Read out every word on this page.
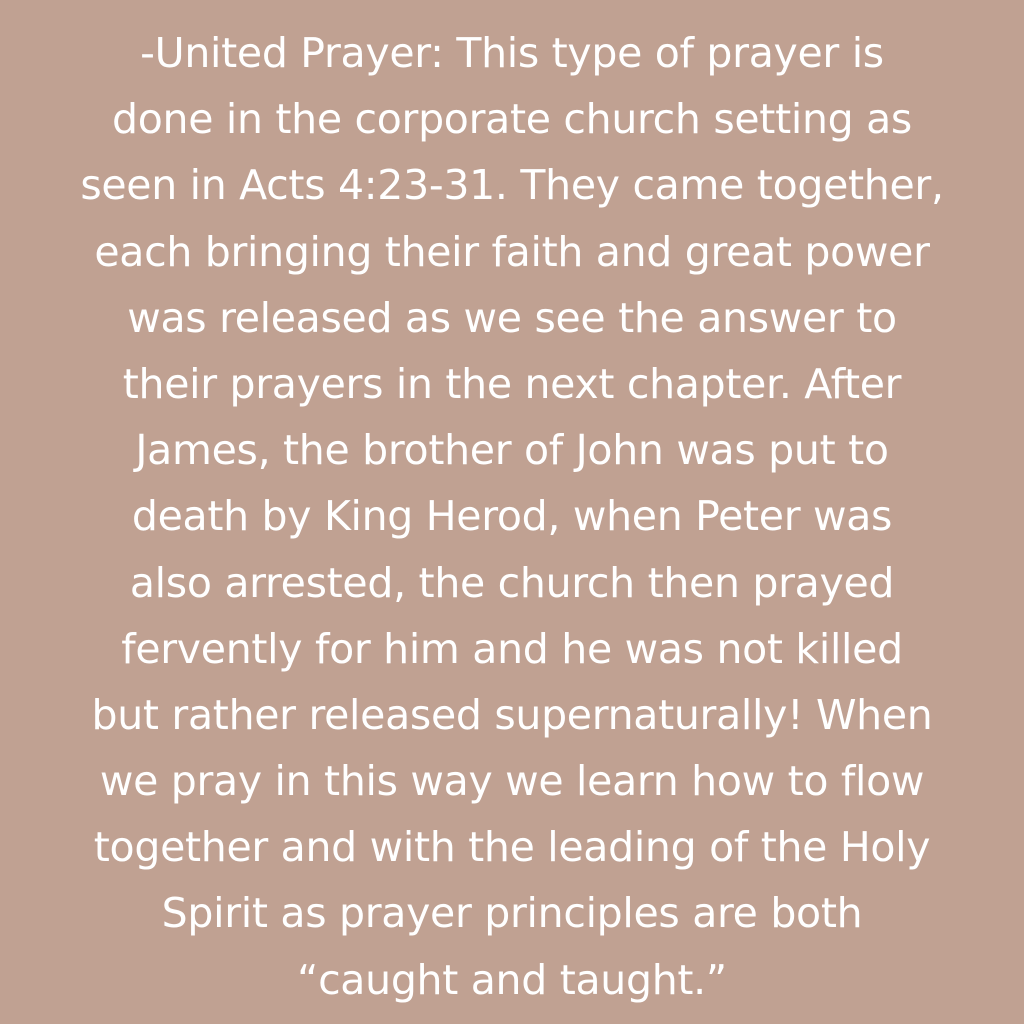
-United Prayer: This type of prayer is
done in the corporate church setting as
seen in Acts 4:23-31. They came together,
each bringing their faith and great power
was released as we see the answer to
their prayers in the next chapter. After
James, the brother of John was put to
death by King Herod, when Peter was
also arrested, the church then prayed
fervently for him and he was not killed
but rather released supernaturally! When
we pray in this way we learn how to flow
together and with the leading of the Holy
Spirit as prayer principles are both
“caught and taught.”
